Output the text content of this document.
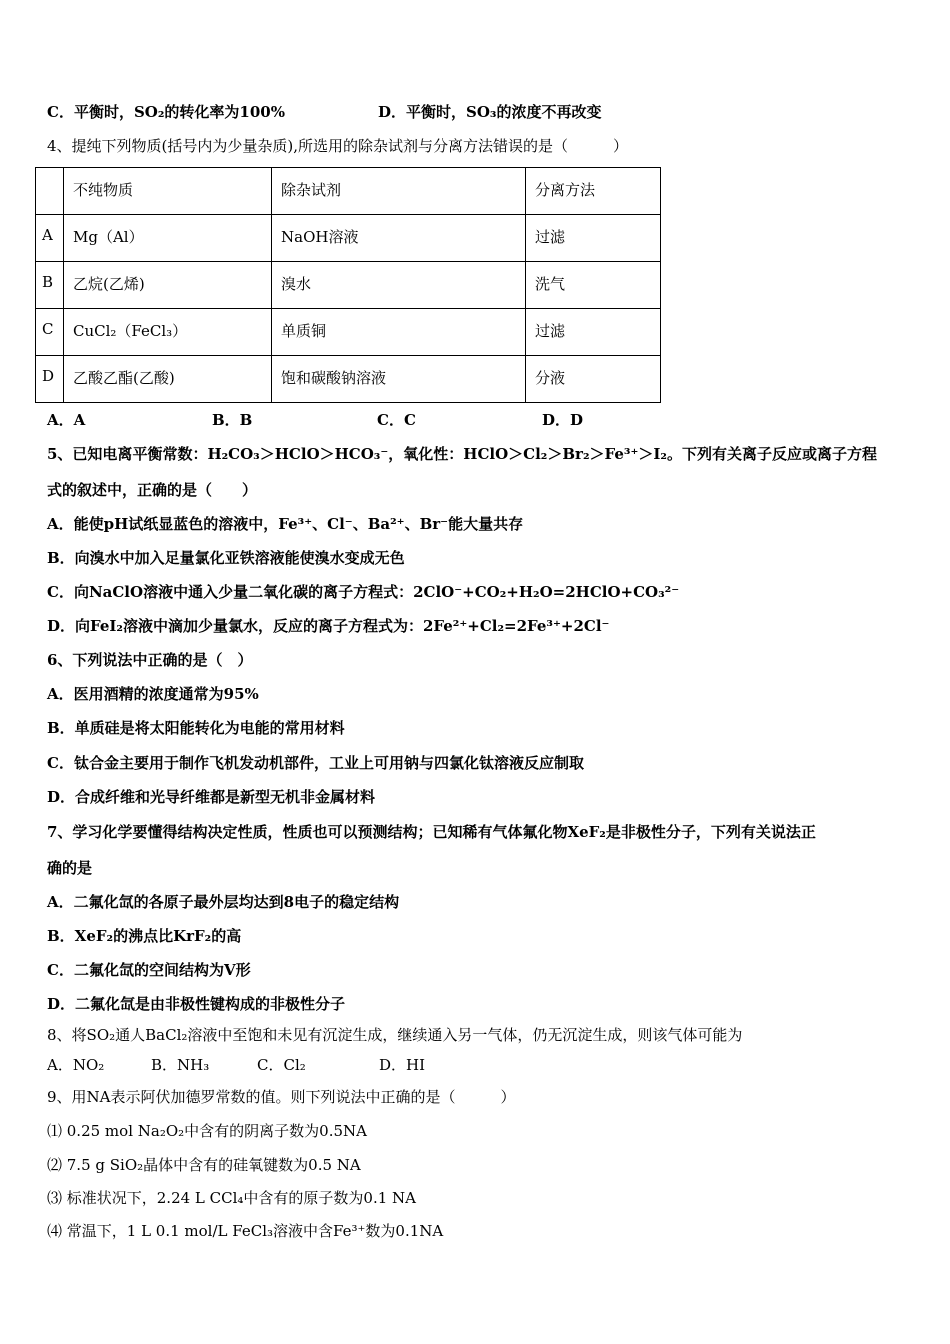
C．平衡时，SO₂的转化率为100%	D．平衡时，SO₃的浓度不再改变
4、提纯下列物质(括号内为少量杂质),所选用的除杂试剂与分离方法错误的是（　　　）

	不纯物质	除杂试剂	分离方法

A	Mg（Al）	NaOH溶液	过滤

B	乙烷(乙烯)	溴水	洗气

C	CuCl₂（FeCl₃）	单质铜	过滤

D	乙酸乙酯(乙酸)	饱和碳酸钠溶液	分液
A．A	B．B	C．C	D．D
5、已知电离平衡常数：H₂CO₃＞HClO＞HCO₃⁻，氧化性：HClO＞Cl₂＞Br₂＞Fe³⁺＞I₂。下列有关离子反应或离子方程
式的叙述中，正确的是（　　）
A．能使pH试纸显蓝色的溶液中，Fe³⁺、Cl⁻、Ba²⁺、Br⁻能大量共存
B．向溴水中加入足量氯化亚铁溶液能使溴水变成无色
C．向NaClO溶液中通入少量二氧化碳的离子方程式：2ClO⁻+CO₂+H₂O=2HClO+CO₃²⁻
D．向FeI₂溶液中滴加少量氯水，反应的离子方程式为：2Fe²⁺+Cl₂=2Fe³⁺+2Cl⁻
6、下列说法中正确的是（　）
A．医用酒精的浓度通常为95%
B．单质硅是将太阳能转化为电能的常用材料
C．钛合金主要用于制作飞机发动机部件，工业上可用钠与四氯化钛溶液反应制取
D．合成纤维和光导纤维都是新型无机非金属材料
7、学习化学要懂得结构决定性质，性质也可以预测结构；已知稀有气体氟化物XeF₂是非极性分子，下列有关说法正
确的是
A．二氟化氙的各原子最外层均达到8电子的稳定结构
B．XeF₂的沸点比KrF₂的高
C．二氟化氙的空间结构为V形
D．二氟化氙是由非极性键构成的非极性分子
8、将SO₂通人BaCl₂溶液中至饱和未见有沉淀生成，继续通入另一气体，仍无沉淀生成，则该气体可能为
A．NO₂	B．NH₃	C．Cl₂	D．HI
9、用NA表示阿伏加德罗常数的值。则下列说法中正确的是（　　　）
⑴ 0.25 mol Na₂O₂中含有的阴离子数为0.5NA
⑵ 7.5 g SiO₂晶体中含有的硅氧键数为0.5 NA
⑶ 标准状况下，2.24 L CCl₄中含有的原子数为0.1 NA
⑷ 常温下，1 L 0.1 mol/L FeCl₃溶液中含Fe³⁺数为0.1NA
